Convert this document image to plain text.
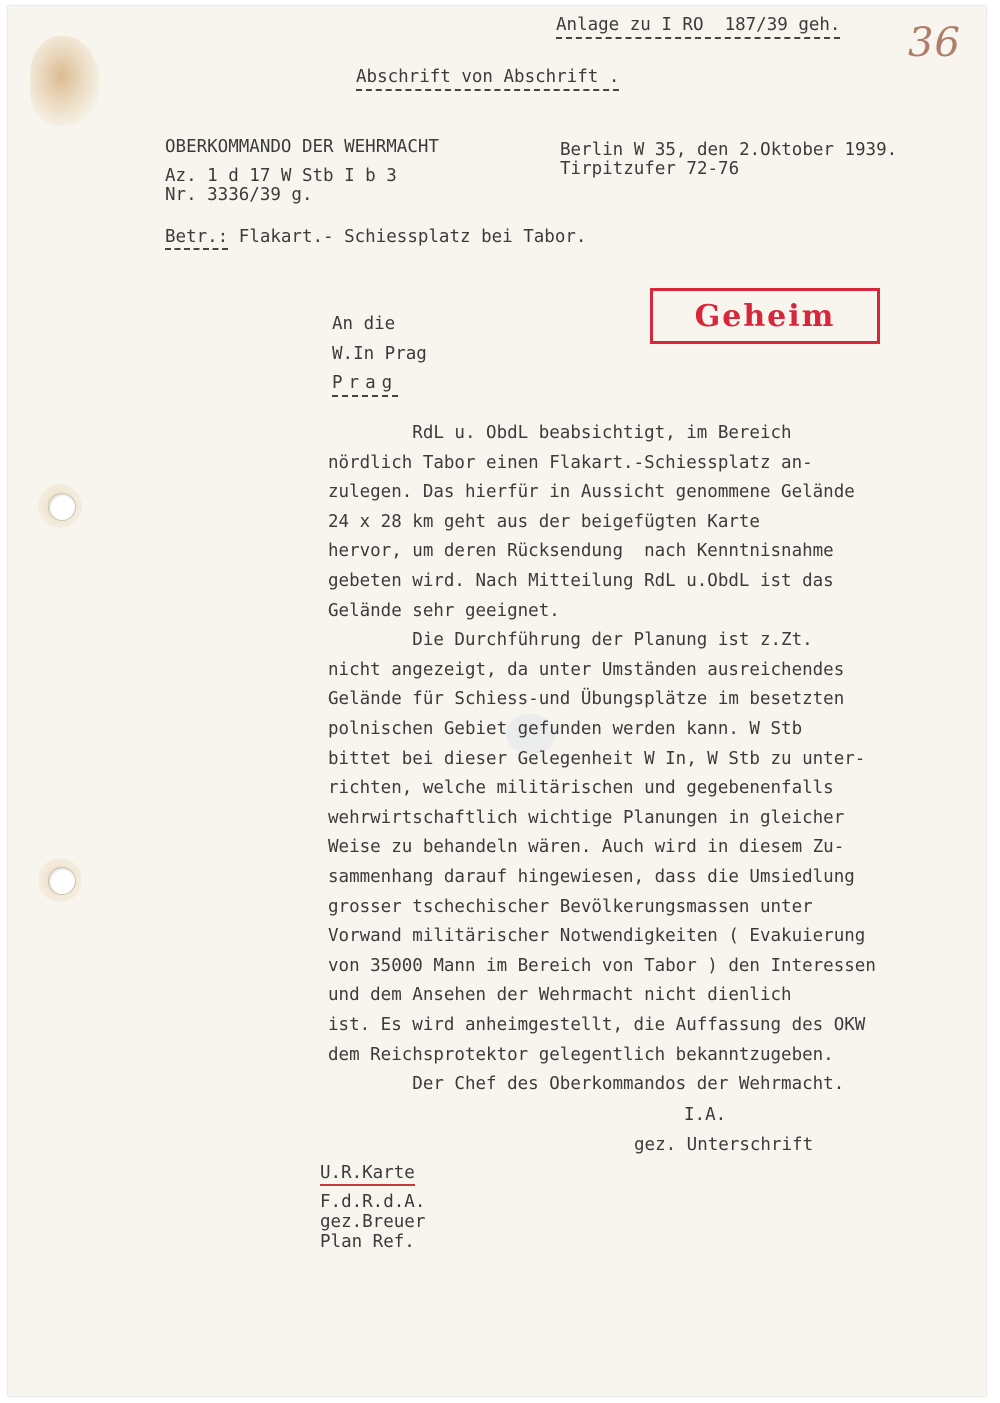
Anlage zu I RO  187/39 geh. 36
Abschrift von Abschrift .
OBERKOMMANDO DER WEHRMACHT
Az. 1 d 17 W Stb I b 3
Nr. 3336/39 g.
Berlin W 35, den 2.Oktober 1939.
Tirpitzufer 72-76
Betr.: Flakart.- Schiessplatz bei Tabor.
Geheim
An die
W.In Prag
Prag
RdL u. ObdL beabsichtigt, im Bereich
nördlich Tabor einen Flakart.-Schiessplatz an-
zulegen. Das hierfür in Aussicht genommene Gelände
24 x 28 km geht aus der beigefügten Karte
hervor, um deren Rücksendung  nach Kenntnisnahme
gebeten wird. Nach Mitteilung RdL u.ObdL ist das
Gelände sehr geeignet.
Die Durchführung der Planung ist z.Zt.
nicht angezeigt, da unter Umständen ausreichendes
Gelände für Schiess-und Übungsplätze im besetzten
polnischen Gebiet gefunden werden kann. W Stb
bittet bei dieser Gelegenheit W In, W Stb zu unter-
richten, welche militärischen und gegebenenfalls
wehrwirtschaftlich wichtige Planungen in gleicher
Weise zu behandeln wären. Auch wird in diesem Zu-
sammenhang darauf hingewiesen, dass die Umsiedlung
grosser tschechischer Bevölkerungsmassen unter
Vorwand militärischer Notwendigkeiten ( Evakuierung
von 35000 Mann im Bereich von Tabor ) den Interessen
und dem Ansehen der Wehrmacht nicht dienlich
ist. Es wird anheimgestellt, die Auffassung des OKW
dem Reichsprotektor gelegentlich bekanntzugeben.
Der Chef des Oberkommandos der Wehrmacht.
I.A.
gez. Unterschrift
U.R.Karte
F.d.R.d.A.
gez.Breuer
Plan Ref.
